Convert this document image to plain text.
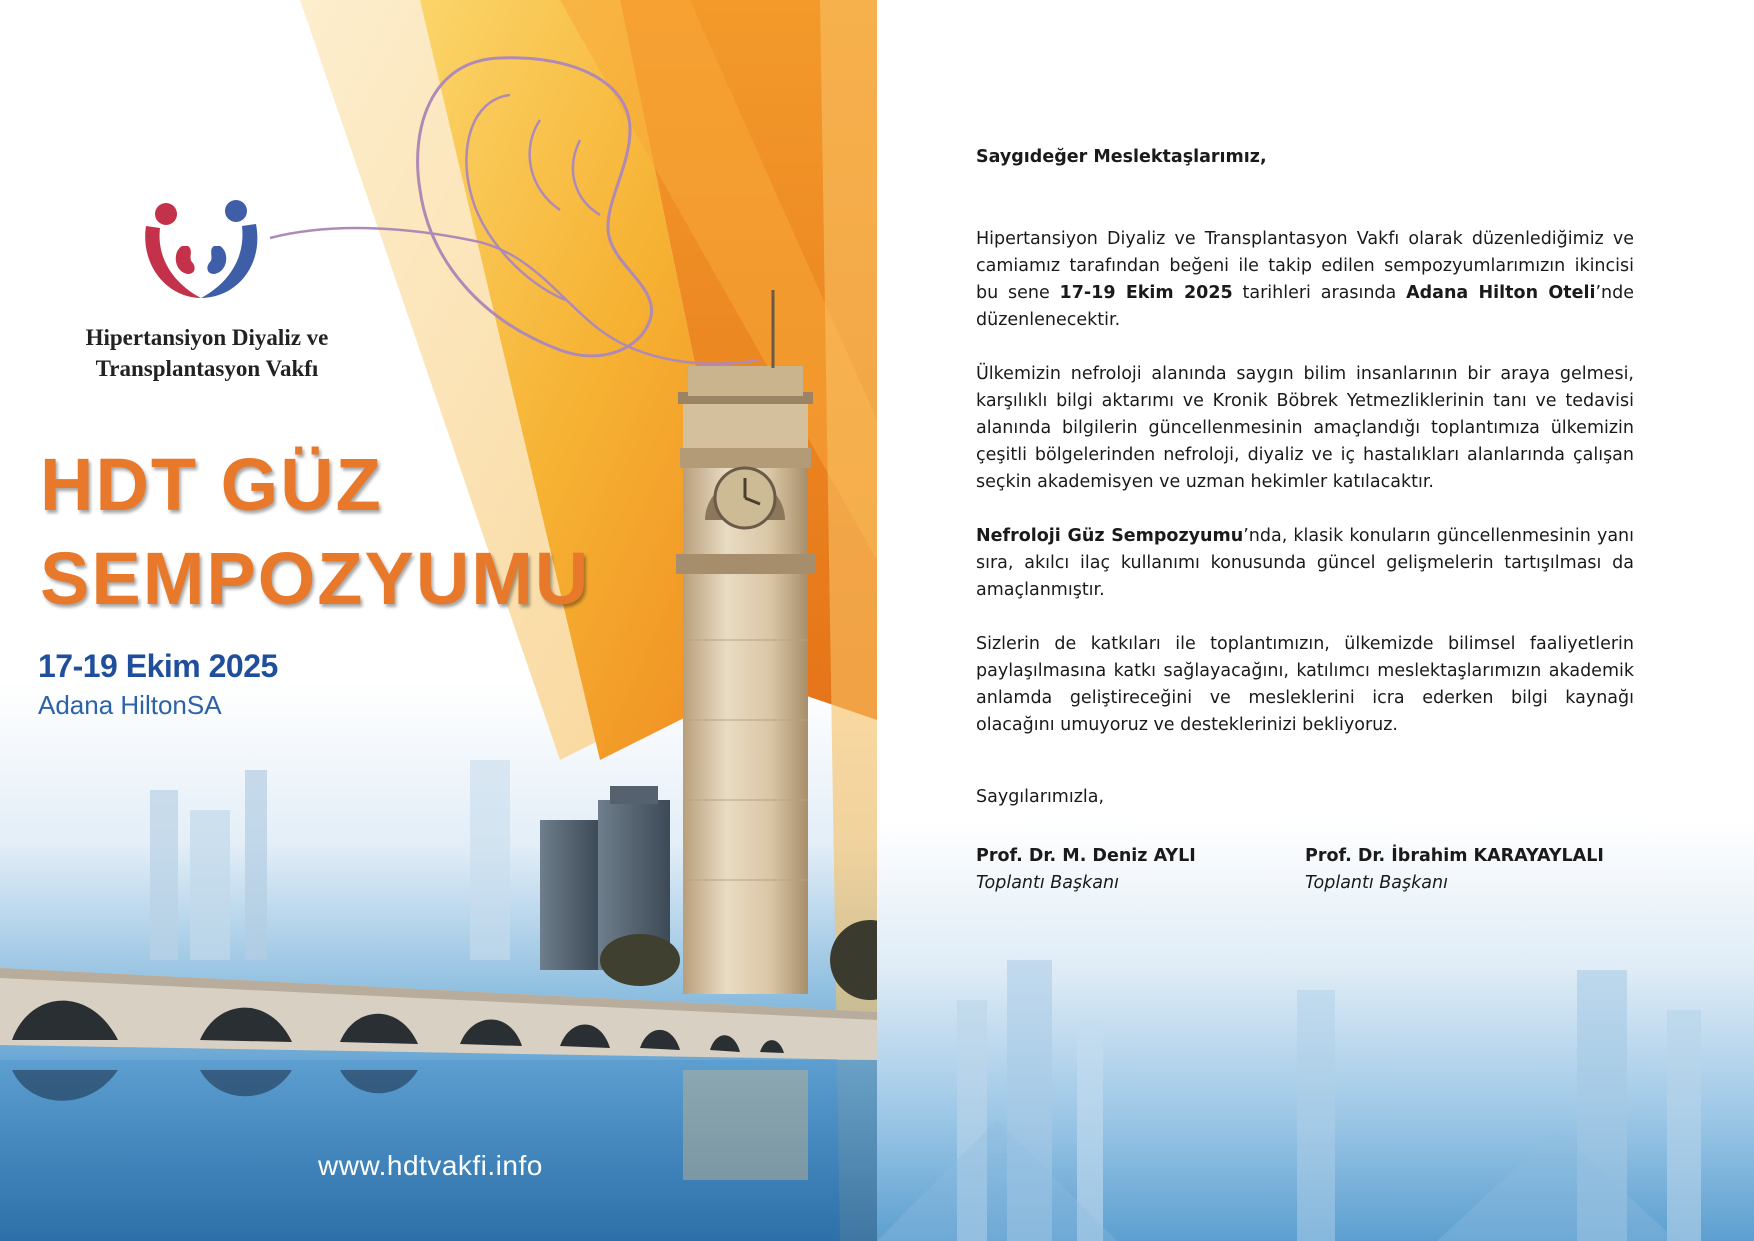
Hipertansiyon Diyaliz ve
Transplantasyon Vakfı
HDT GÜZ
SEMPOZYUMU
17-19 Ekim 2025
Adana HiltonSA
www.hdtvakfi.info
Saygıdeğer Meslektaşlarımız,

Hipertansiyon Diyaliz ve Transplantasyon Vakfı olarak düzenlediğimiz ve camiamız tarafından beğeni ile takip edilen sempozyumlarımızın ikincisi bu sene 17-19 Ekim 2025 tarihleri arasında Adana Hilton Oteli’nde düzenlenecektir.

Ülkemizin nefroloji alanında saygın bilim insanlarının bir araya gelmesi, karşılıklı bilgi aktarımı ve Kronik Böbrek Yetmezliklerinin tanı ve tedavisi alanında bilgilerin güncellenmesinin amaçlandığı toplantımıza ülkemizin çeşitli bölgelerinden nefroloji, diyaliz ve iç hastalıkları alanlarında çalışan seçkin akademisyen ve uzman hekimler katılacaktır.

Nefroloji Güz Sempozyumu’nda, klasik konuların güncellenmesinin yanı sıra, akılcı ilaç kullanımı konusunda güncel gelişmelerin tartışılması da amaçlanmıştır.

Sizlerin de katkıları ile toplantımızın, ülkemizde bilimsel faaliyetlerin paylaşılmasına katkı sağlayacağını, katılımcı meslektaşlarımızın akademik anlamda geliştireceğini ve mesleklerini icra ederken bilgi kaynağı olacağını umuyoruz ve desteklerinizi bekliyoruz.

Saygılarımızla,
Prof. Dr. M. Deniz AYLI
Toplantı Başkanı
Prof. Dr. İbrahim KARAYAYLALI
Toplantı Başkanı
